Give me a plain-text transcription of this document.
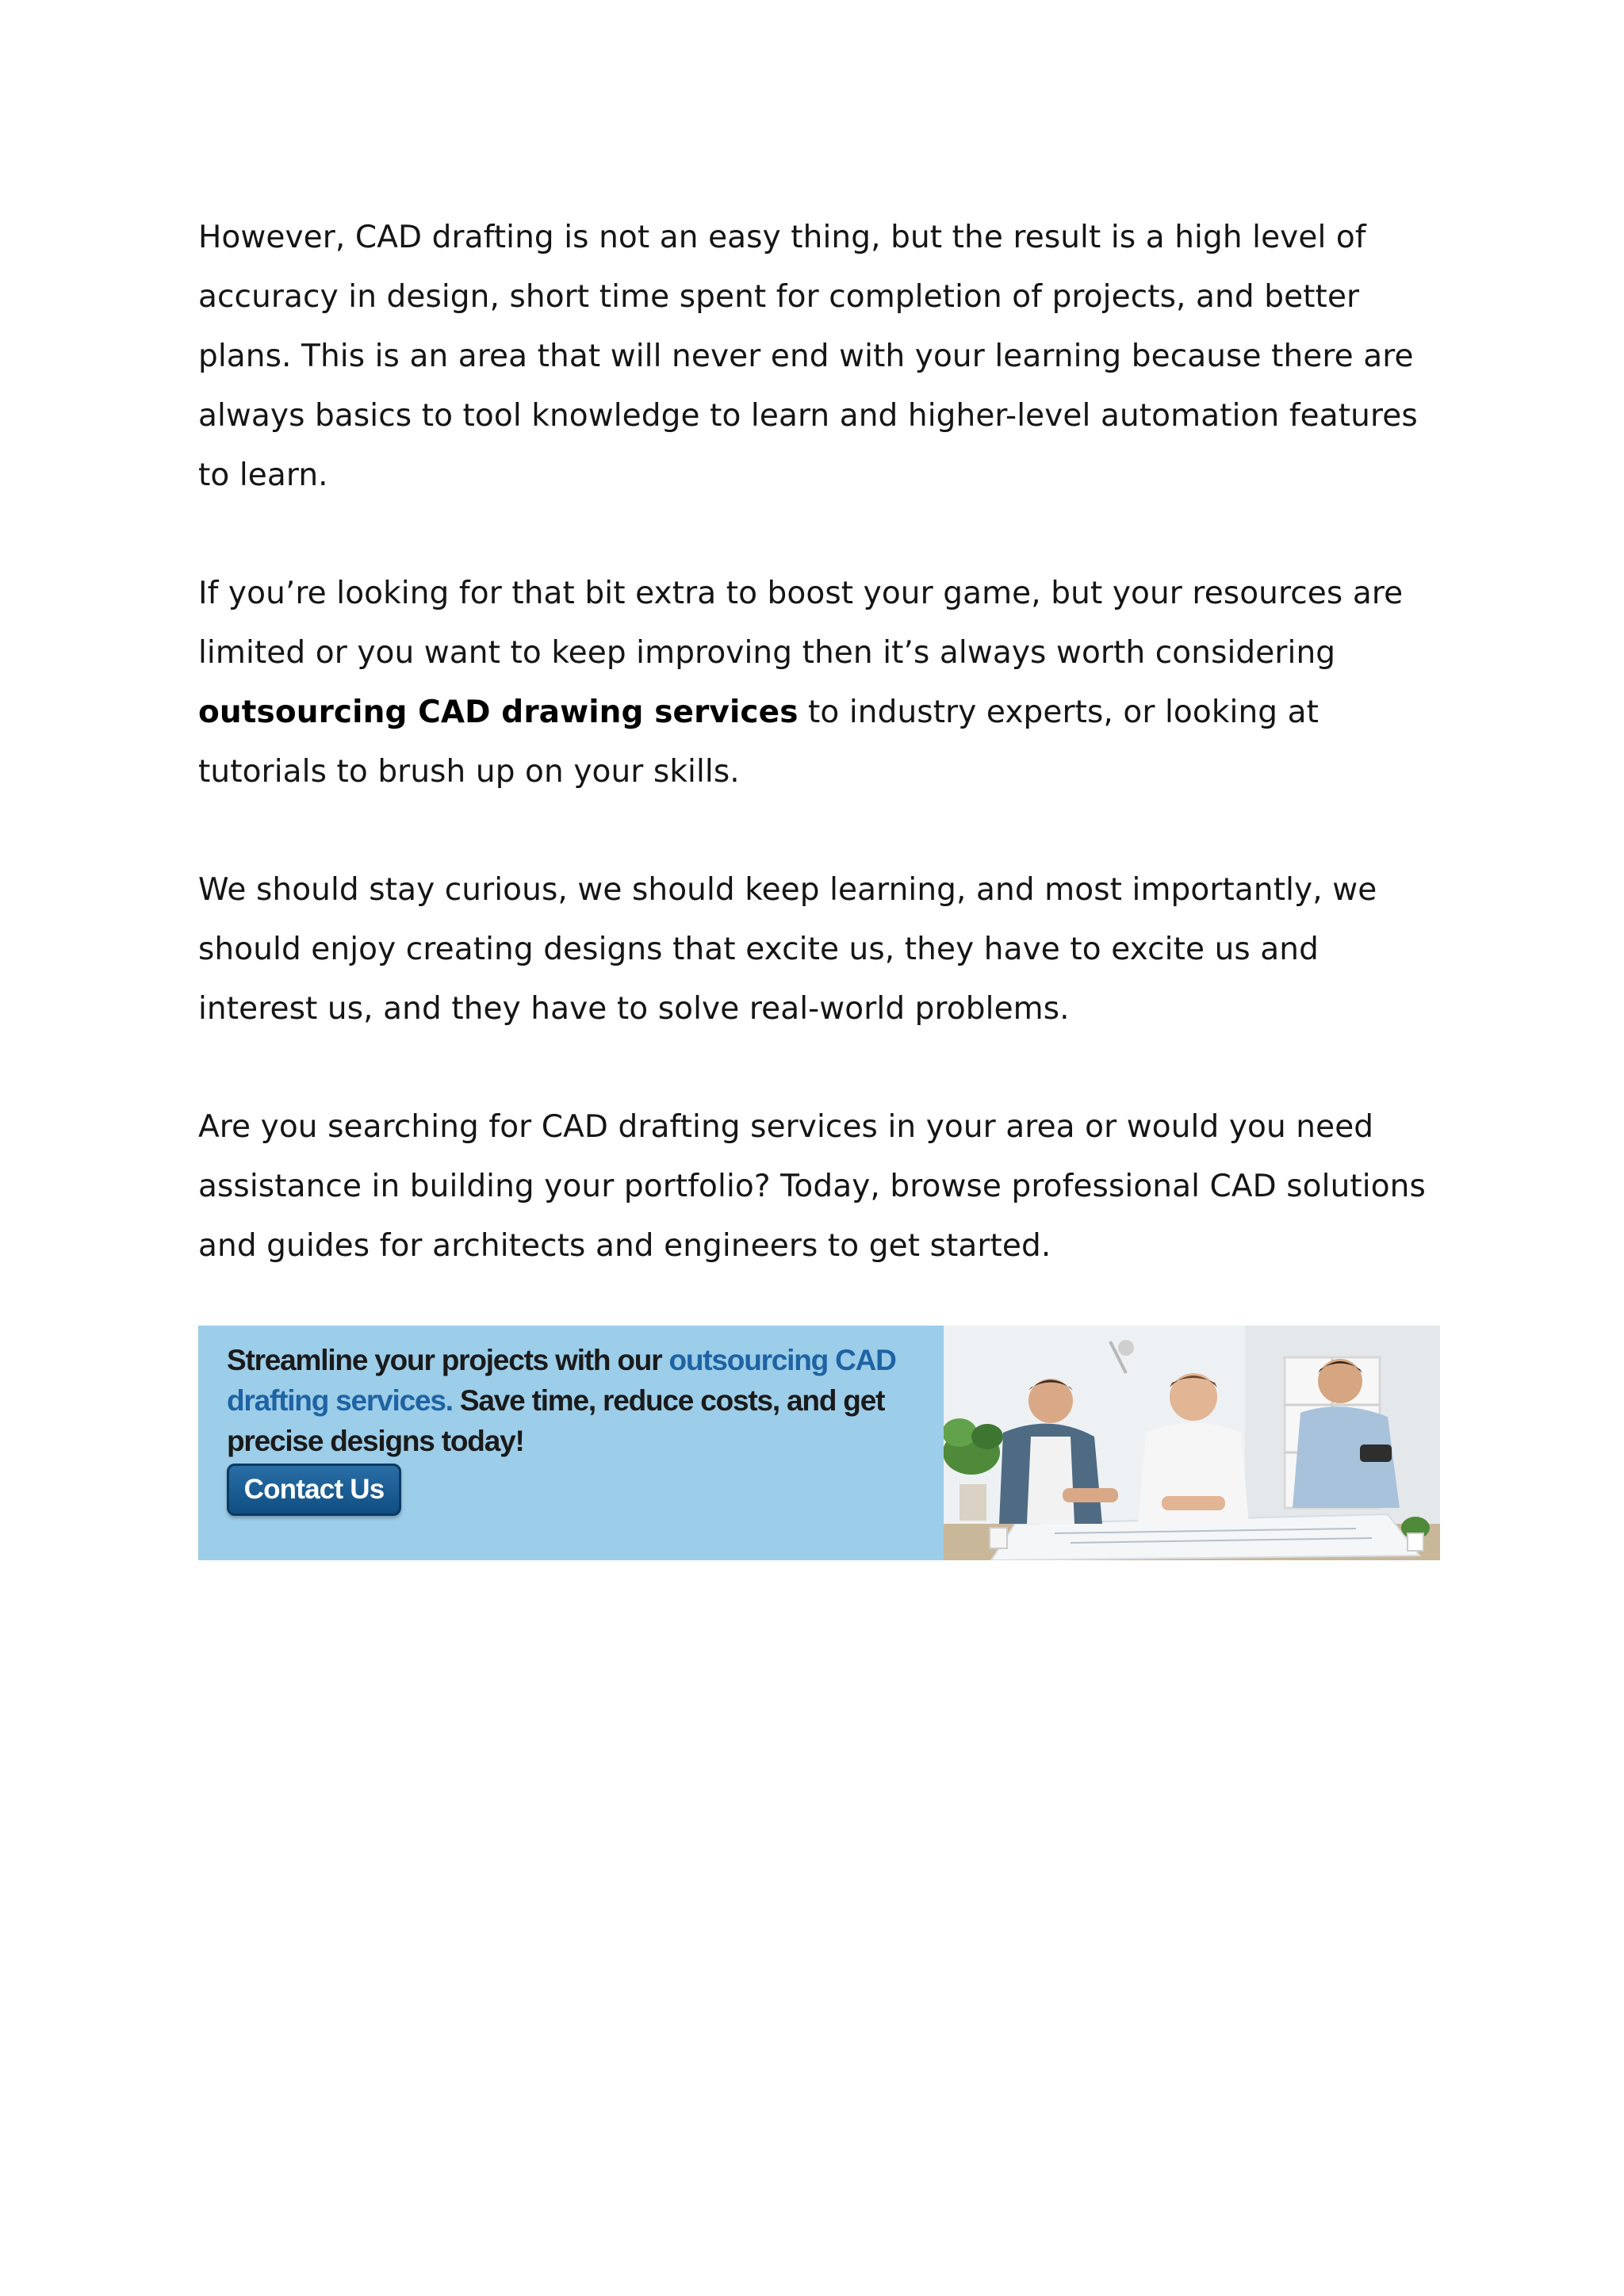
However, CAD drafting is not an easy thing, but the result is a high level of accuracy in design, short time spent for completion of projects, and better plans. This is an area that will never end with your learning because there are always basics to tool knowledge to learn and higher-level automation features to learn.

If you’re looking for that bit extra to boost your game, but your resources are limited or you want to keep improving then it’s always worth considering outsourcing CAD drawing services to industry experts, or looking at tutorials to brush up on your skills.

We should stay curious, we should keep learning, and most importantly, we should enjoy creating designs that excite us, they have to excite us and interest us, and they have to solve real-world problems.

Are you searching for CAD drafting services in your area or would you need assistance in building your portfolio? Today, browse professional CAD solutions and guides for architects and engineers to get started.

Streamline your projects with our outsourcing CAD drafting services. Save time, reduce costs, and get precise designs today!
Contact Us
